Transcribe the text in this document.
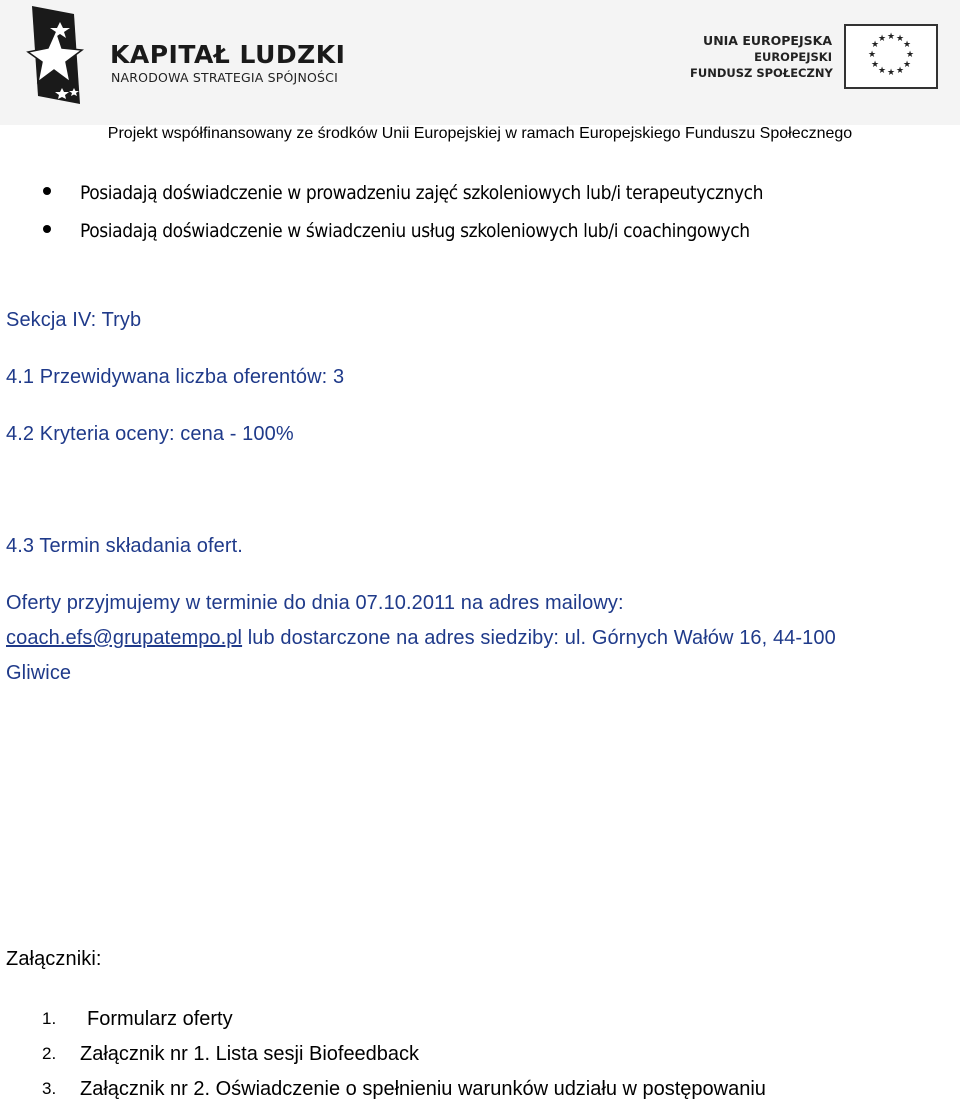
KAPITAŁ LUDZKI
NARODOWA STRATEGIA SPÓJNOŚCI
UNIA EUROPEJSKA
EUROPEJSKI
FUNDUSZ SPOŁECZNY
★ ★
★
★
★
★
★
★
★
★
★
★
Projekt współfinansowany ze środków Unii Europejskiej w ramach Europejskiego Funduszu Społecznego
Posiadają doświadczenie w prowadzeniu zajęć szkoleniowych lub/i terapeutycznych
Posiadają doświadczenie w świadczeniu usług szkoleniowych lub/i coachingowych
Sekcja IV: Tryb
4.1 Przewidywana liczba oferentów: 3
4.2 Kryteria oceny: cena - 100%
4.3 Termin składania ofert.
Oferty przyjmujemy w terminie do dnia 07.10.2011 na adres mailowy:
coach.efs@grupatempo.pl lub dostarczone na adres siedziby: ul. Górnych Wałów 16, 44-100
Gliwice
Załączniki:
1. Formularz oferty
2. Załącznik nr 1. Lista sesji Biofeedback
3. Załącznik nr 2. Oświadczenie o spełnieniu warunków udziału w postępowaniu
